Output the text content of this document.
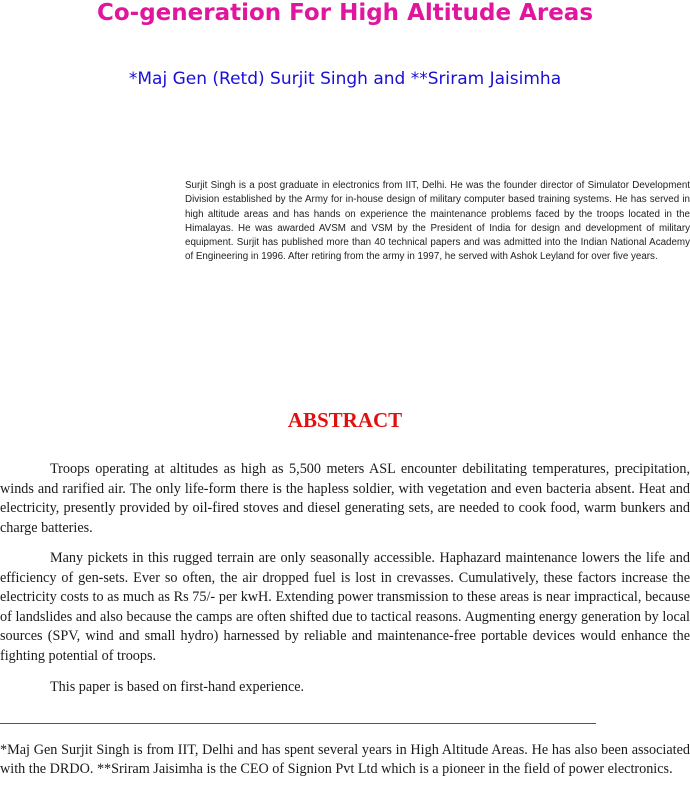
Co-generation For High Altitude Areas

*Maj Gen (Retd) Surjit Singh and **Sriram Jaisimha

Surjit Singh is a post graduate in electronics from IIT, Delhi. He was the founder director of Simulator Development Division established by the Army for in-house design of military computer based training systems. He has served in high altitude areas and has hands on experience the maintenance problems faced by the troops located in the Himalayas. He was awarded AVSM and VSM by the President of India for design and development of military equipment. Surjit has published more than 40 technical papers and was admitted into the Indian National Academy of Engineering in 1996. After retiring from the army in 1997, he served with Ashok Leyland for over five years.

ABSTRACT

Troops operating at altitudes as high as 5,500 meters ASL encounter debilitating temperatures, precipitation, winds and rarified air. The only life-form there is the hapless soldier, with vegetation and even bacteria absent. Heat and electricity, presently provided by oil-fired stoves and diesel generating sets, are needed to cook food, warm bunkers and charge batteries.

Many pickets in this rugged terrain are only seasonally accessible. Haphazard maintenance lowers the life and efficiency of gen-sets. Ever so often, the air dropped fuel is lost in crevasses. Cumulatively, these factors increase the electricity costs to as much as Rs 75/- per kwH. Extending power transmission to these areas is near impractical, because of landslides and also because the camps are often shifted due to tactical reasons. Augmenting energy generation by local sources (SPV, wind and small hydro) harnessed by reliable and maintenance-free portable devices would enhance the fighting potential of troops.

This paper is based on first-hand experience.

*Maj Gen Surjit Singh is from IIT, Delhi and has spent several years in High Altitude Areas. He has also been associated with the DRDO. **Sriram Jaisimha is the CEO of Signion Pvt Ltd which is a pioneer in the field of power electronics.
